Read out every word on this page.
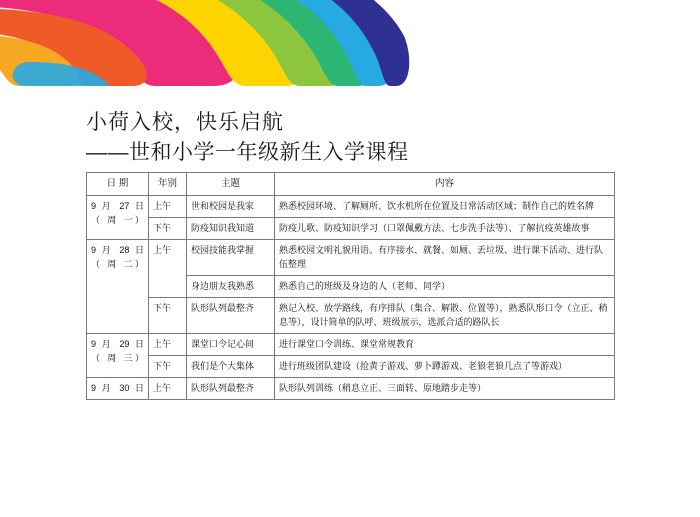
小荷入校，快乐启航
——世和小学一年级新生入学课程
日 期	年别	主题	内容

9 月 27 日
（ 周 一）	上午	世和校园是我家	熟悉校园环境、了解厕所、饮水机所在位置及日常活动区域；制作自己的姓名牌
	下午	防疫知识我知道	防疫儿歌、防疫知识学习（口罩佩戴方法、七步洗手法等）、了解抗疫英雄故事

9 月 28 日
（ 周 二）	上午	校园技能我掌握	熟悉校园文明礼貌用语。有序接水、就餐、如厕、丢垃圾、进行课下活动、进行队伍整理
		身边朋友我熟悉	熟悉自己的班级及身边的人（老师、同学）
	下午	队形队列最整齐	熟记入校、放学路线，有序排队（集合、解散、位置等），熟悉队形口令（立正、稍息等），设计简单的队呼、班级展示，选派合适的路队长

9 月 29 日
（ 周 三）	上午	课堂口令记心间	进行课堂口令训练、课堂常规教育
	下午	我们是个大集体	进行班级团队建设（抢黄子游戏、萝卜蹲游戏、老狼老狼几点了等游戏）

9 月 30 日	上午	队形队列最整齐	队形队列训练（稍息立正、三面转、原地踏步走等）
